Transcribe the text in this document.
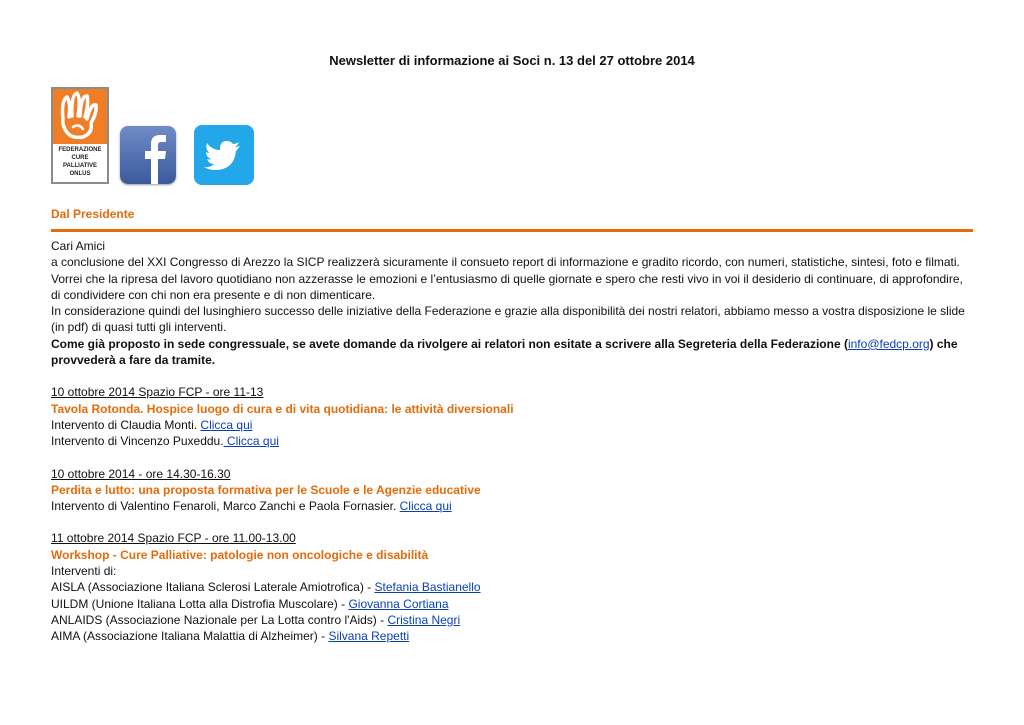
Newsletter di informazione ai Soci n. 13 del 27 ottobre 2014
FEDERAZIONE
CURE
PALLIATIVE
ONLUS
Dal Presidente

Cari Amici

a conclusione del XXI Congresso di Arezzo la SICP realizzerà sicuramente il consueto report di informazione e gradito ricordo, con numeri, statistiche, sintesi, foto e filmati.

Vorrei che la ripresa del lavoro quotidiano non azzerasse le emozioni e l’entusiasmo di quelle giornate e spero che resti vivo in voi il desiderio di continuare, di approfondire, di condividere con chi non era presente e di non dimenticare.

In considerazione quindi del lusinghiero successo delle iniziative della Federazione e grazie alla disponibilità dei nostri relatori, abbiamo messo a vostra disposizione le slide (in pdf) di quasi tutti gli interventi.

Come già proposto in sede congressuale, se avete domande da rivolgere ai relatori non esitate a scrivere alla Segreteria della Federazione (info@fedcp.org) che provvederà a fare da tramite.

10 ottobre 2014 Spazio FCP - ore 11-13

Tavola Rotonda. Hospice luogo di cura e di vita quotidiana: le attività diversionali

Intervento di Claudia Monti. Clicca qui

Intervento di Vincenzo Puxeddu. Clicca qui

10 ottobre 2014 - ore 14.30-16.30

Perdita e lutto: una proposta formativa per le Scuole e le Agenzie educative

Intervento di Valentino Fenaroli, Marco Zanchi e Paola Fornasier. Clicca qui

11 ottobre 2014 Spazio FCP - ore 11.00-13.00

Workshop - Cure Palliative: patologie non oncologiche e disabilità

Interventi di:

AISLA (Associazione Italiana Sclerosi Laterale Amiotrofica) - Stefania Bastianello

UILDM (Unione Italiana Lotta alla Distrofia Muscolare) - Giovanna Cortiana

ANLAIDS (Associazione Nazionale per La Lotta contro l'Aids) - Cristina Negri

AIMA (Associazione Italiana Malattia di Alzheimer) - Silvana Repetti
